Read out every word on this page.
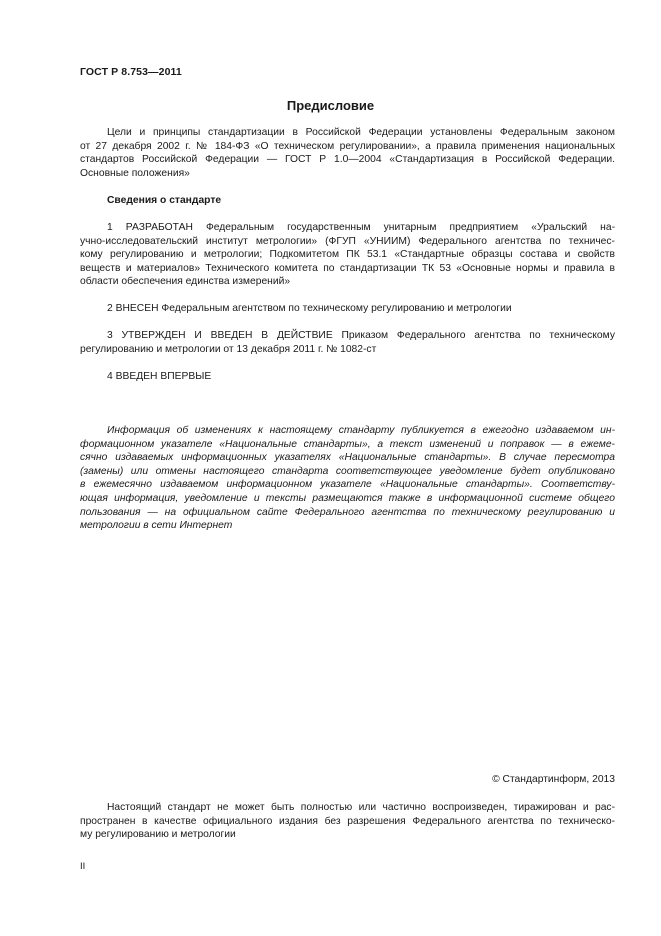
ГОСТ Р 8.753—2011
Предисловие
Цели и принципы стандартизации в Российской Федерации установлены Федеральным законом
от 27 декабря 2002 г. № 184-ФЗ «О техническом регулировании», а правила применения национальных
стандартов Российской Федерации — ГОСТ Р 1.0—2004 «Стандартизация в Российской Федерации.
Основные положения»
Сведения о стандарте
1 РАЗРАБОТАН Федеральным государственным унитарным предприятием «Уральский на-
учно-исследовательский институт метрологии» (ФГУП «УНИИМ) Федерального агентства по техничес-
кому регулированию и метрологии; Подкомитетом ПК 53.1 «Стандартные образцы состава и свойств
веществ и материалов» Технического комитета по стандартизации ТК 53 «Основные нормы и правила в
области обеспечения единства измерений»
2 ВНЕСЕН Федеральным агентством по техническому регулированию и метрологии
3 УТВЕРЖДЕН И ВВЕДЕН В ДЕЙСТВИЕ Приказом Федерального агентства по техническому
регулированию и метрологии от 13 декабря 2011 г. № 1082-ст
4 ВВЕДЕН ВПЕРВЫЕ
Информация об изменениях к настоящему стандарту публикуется в ежегодно издаваемом ин-
формационном указателе «Национальные стандарты», а текст изменений и поправок — в ежеме-
сячно издаваемых информационных указателях «Национальные стандарты». В случае пересмотра
(замены) или отмены настоящего стандарта соответствующее уведомление будет опубликовано
в ежемесячно издаваемом информационном указателе «Национальные стандарты». Соответству-
ющая информация, уведомление и тексты размещаются также в информационной системе общего
пользования — на официальном сайте Федерального агентства по техническому регулированию и
метрологии в сети Интернет
© Стандартинформ, 2013
Настоящий стандарт не может быть полностью или частично воспроизведен, тиражирован и рас-
пространен в качестве официального издания без разрешения Федерального агентства по техническо-
му регулированию и метрологии
II
